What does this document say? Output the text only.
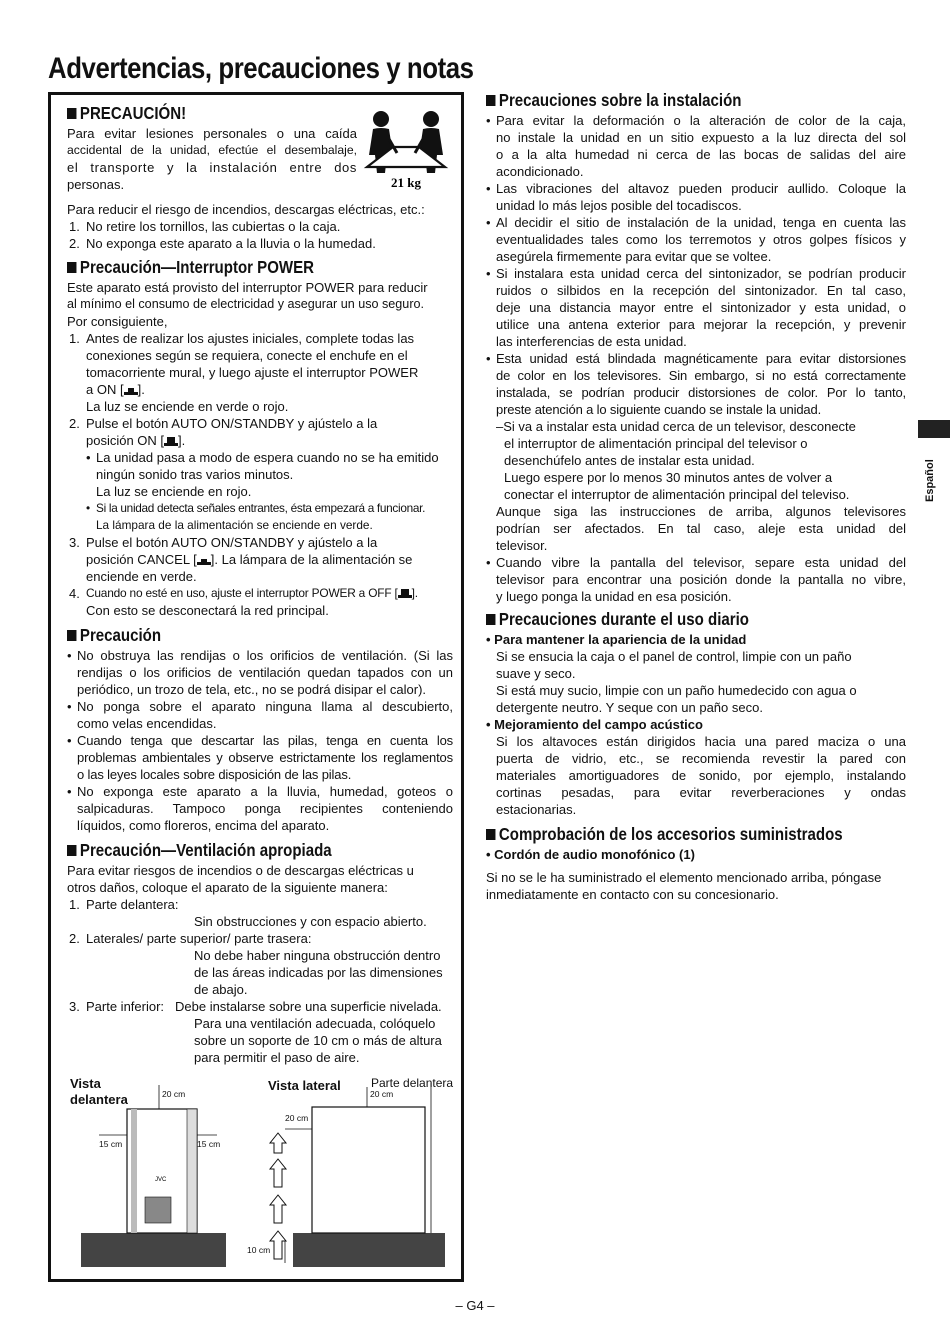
Advertencias, precauciones y notas
Español
PRECAUCIÓN!
Para evitar lesiones personales o una caída
accidental de la unidad, efectúe el desembalaje,
el transporte y la instalación entre dos
personas.	21 kg
Para reducir el riesgo de incendios, descargas eléctricas, etc.:
1. No retire los tornillos, las cubiertas o la caja.
2. No exponga este aparato a la lluvia o la humedad.
Precaución—Interruptor POWER
Este aparato está provisto del interruptor POWER para reducir
al mínimo el consumo de electricidad y asegurar un uso seguro.
Por consiguiente,
1. Antes de realizar los ajustes iniciales, complete todas las
conexiones según se requiera, conecte el enchufe en el
tomacorriente mural, y luego ajuste el interruptor POWER
a ON [ ].
La luz se enciende en verde o rojo.
2. Pulse el botón AUTO ON/STANDBY y ajústelo a la
posición ON [ ].
• La unidad pasa a modo de espera cuando no se ha emitido
ningún sonido tras varios minutos.
La luz se enciende en rojo.
• Si la unidad detecta señales entrantes, ésta empezará a funcionar.
La lámpara de la alimentación se enciende en verde.
3. Pulse el botón AUTO ON/STANDBY y ajústelo a la
posición CANCEL [ ]. La lámpara de la alimentación se
enciende en verde.
4. Cuando no esté en uso, ajuste el interruptor POWER a OFF [ ].
Con esto se desconectará la red principal.
Precaución
• No obstruya las rendijas o los orificios de ventilación. (Si las
rendijas o los orificios de ventilación quedan tapados con un
periódico, un trozo de tela, etc., no se podrá disipar el calor).
• No ponga sobre el aparato ninguna llama al descubierto,
como velas encendidas.
• Cuando tenga que descartar las pilas, tenga en cuenta los
problemas ambientales y observe estrictamente los reglamentos
o las leyes locales sobre disposición de las pilas.
• No exponga este aparato a la lluvia, humedad, goteos o
salpicaduras. Tampoco ponga recipientes conteniendo
líquidos, como floreros, encima del aparato.
Precaución—Ventilación apropiada
Para evitar riesgos de incendios o de descargas eléctricas u
otros daños, coloque el aparato de la siguiente manera:
1. Parte delantera:
Sin obstrucciones y con espacio abierto.
2. Laterales/ parte superior/ parte trasera:
No debe haber ninguna obstrucción dentro
de las áreas indicadas por las dimensiones
de abajo.
3. Parte inferior: Debe instalarse sobre una superficie nivelada.
Para una ventilación adecuada, colóquelo
sobre un soporte de 10 cm o más de altura
para permitir el paso de aire.
Vista
delantera
Vista lateral	Parte delantera
JVC
20 cm
15 cm	15 cm
20 cm
20 cm
10 cm
Precauciones sobre la instalación
• Para evitar la deformación o la alteración de color de la caja,
no instale la unidad en un sitio expuesto a la luz directa del sol
o a la alta humedad ni cerca de las bocas de salidas del aire
acondicionado.
• Las vibraciones del altavoz pueden producir aullido. Coloque la
unidad lo más lejos posible del tocadiscos.
• Al decidir el sitio de instalación de la unidad, tenga en cuenta las
eventualidades tales como los terremotos y otros golpes físicos y
asegúrela firmemente para evitar que se voltee.
• Si instalara esta unidad cerca del sintonizador, se podrían producir
ruidos o silbidos en la recepción del sintonizador. En tal caso,
deje una distancia mayor entre el sintonizador y esta unidad, o
utilice una antena exterior para mejorar la recepción, y prevenir
las interferencias de esta unidad.
• Esta unidad está blindada magnéticamente para evitar distorsiones
de color en los televisores. Sin embargo, si no está correctamente
instalada, se podrían producir distorsiones de color. Por lo tanto,
preste atención a lo siguiente cuando se instale la unidad.
–Si va a instalar esta unidad cerca de un televisor, desconecte
el interruptor de alimentación principal del televisor o
desenchúfelo antes de instalar esta unidad.
Luego espere por lo menos 30 minutos antes de volver a
conectar el interruptor de alimentación principal del televiso.
Aunque siga las instrucciones de arriba, algunos televisores
podrían ser afectados. En tal caso, aleje esta unidad del
televisor.
• Cuando vibre la pantalla del televisor, separe esta unidad del
televisor para encontrar una posición donde la pantalla no vibre,
y luego ponga la unidad en esa posición.
Precauciones durante el uso diario
• Para mantener la apariencia de la unidad
Si se ensucia la caja o el panel de control, limpie con un paño
suave y seco.
Si está muy sucio, limpie con un paño humedecido con agua o
detergente neutro. Y seque con un paño seco.
• Mejoramiento del campo acústico
Si los altavoces están dirigidos hacia una pared maciza o una
puerta de vidrio, etc., se recomienda revestir la pared con
materiales amortiguadores de sonido, por ejemplo, instalando
cortinas pesadas, para evitar reverberaciones y ondas
estacionarias.
Comprobación de los accesorios suministrados
• Cordón de audio monofónico (1)
Si no se le ha suministrado el elemento mencionado arriba, póngase
inmediatamente en contacto con su concesionario.
– G4 –
